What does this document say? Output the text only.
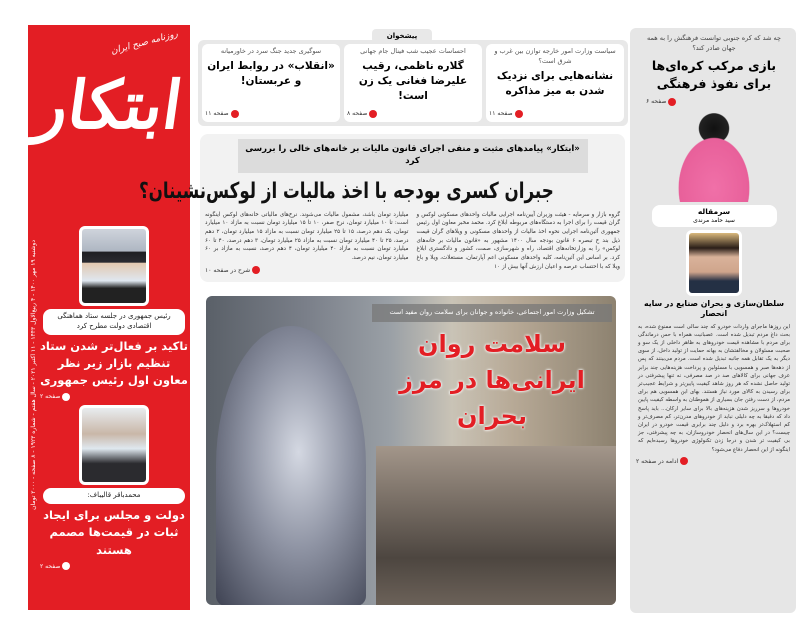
ابتکار
روزنامه صبح ایران
دوشنبه ۱۹ مهر ۱۴۰۰ - ۴ ربیع‌الاول ۱۴۴۳ - ۱۱ اکتبر ۲۰۲۱ - سال هفتم - شماره ۱۹۲۳ - ۸ صفحه - ۲۰۰۰ تومان
رئیس جمهوری در جلسه ستاد هماهنگی اقتصادی دولت مطرح کرد
تاکید بر فعال‌تر شدن ستاد تنظیم بازار زیر نظر معاون اول رئیس جمهوری
صفحه ۲
محمدباقر قالیباف:
دولت و مجلس برای ایجاد ثبات در قیمت‌ها مصمم هستند
صفحه ۲
سیاست وزارت امور خارجه توازن بین غرب و شرق است؟
نشانه‌هایی برای نزدیک شدن به میز مذاکره
صفحه ۱۱
احساسات عجیب شب فینال جام جهانی
گلاره ناظمی، رقیب علیرضا فغانی یک زن است!
صفحه ۸
سوگیری جدید جنگ سرد در خاورمیانه
«انقلاب» در روابط ایران و عربستان!
صفحه ۱۱
پیشخوان
تشکیل وزارت امور اجتماعی، خانواده و جوانان برای سلامت روان مفید است
سلامت روان ایرانی‌ها در مرز بحران
«ابتکار» پیامدهای مثبت و منفی اجرای قانون مالیات بر خانه‌های خالی را بررسی کرد
جبران کسری بودجه با اخذ مالیات از لوکس‌نشینان؟
گروه بازار و سرمایه - هیئت وزیران آیین‌نامه اجرایی مالیات واحدهای مسکونی لوکس و گران قیمت را برای اجرا به دستگاه‌های مربوطه ابلاغ کرد. محمد مخبر معاون اول رئیس جمهوری آئین‌نامه اجرایی نحوه اخذ مالیات از واحدهای مسکونی و ویلاهای گران قیمت ذیل بند خ تبصره ۶ قانون بودجه سال ۱۴۰۰ مشهور به «قانون مالیات بر خانه‌های لوکس» را به وزارتخانه‌های اقتصاد، راه و شهرسازی، صمت، کشور و دادگستری ابلاغ کرد. بر اساس این آئین‌نامه، کلیه واحدهای مسکونی اعم آپارتمان، مستغلات، ویلا و باغ ویلا که با احتساب عرصه و اعیان ارزش آنها بیش از ۱۰
میلیارد تومان باشد، مشمول مالیات می‌شوند. نرخ‌های مالیاتی خانه‌های لوکس اینگونه است: تا ۱۰ میلیارد تومان، نرخ صفر، ۱۰ تا ۱۵ میلیارد تومان نسبت به مازاد ۱۰ میلیارد تومان، یک دهم درصد، ۱۵ تا ۲۵ میلیارد تومان نسبت به مازاد ۱۵ میلیارد تومان، ۲ دهم درصد، ۲۵ تا ۴۰ میلیارد تومان نسبت به مازاد ۲۵ میلیارد تومان، ۳ دهم درصد، ۴۰ تا ۶۰ میلیارد تومان نسبت به مازاد ۴۰ میلیارد تومان، ۴ دهم درصد، نسبت به مازاد بر ۶۰ میلیارد تومان، نیم درصد.
شرح در صفحه ۱۰
چه شد که کره جنوبی توانست فرهنگش را به همه جهان صادر کند؟
بازی مرکب کره‌ای‌ها برای نفوذ فرهنگی
صفحه ۶
سرمقاله
سید حامد مرندی
سلطان‌سازی و بحران صنایع در سایه انحصار
این روزها ماجرای واردات خودرو که چند سالی است ممنوع شده، به بحث داغ مردم تبدیل شده است. عصبانیت همراه با حس درماندگی برای مردم با مشاهده قیمت خودروهای به ظاهر داخلی از یک سو و صحبت مسئولان و مخالفتشان به بهانه حمایت از تولید داخل، از سوی دیگر به یک تقابل همه جانبه تبدیل شده است. مردم می‌بینند که پس از دهه‌ها صبر و همسویی با مسئولین و پرداخت هزینه‌هایی چند برابر عرف جهانی برای کالاهای صد در صد مصرفی، نه تنها پیشرفتی در تولید حاصل نشده که هر روز شاهد کیفیت پایین‌تر و شرایط عجیب‌تر برای رسیدن به کالای مورد نیاز هستند. بهای این همسویی هم برای مردم، از دست رفتن جان بسیاری از هموطنان به واسطه کیفیت پایین خودروها و سرریز شدن هزینه‌های بالا برای سایر ارکان... باید پاسخ داد که دقیقا به چه دلیلی نباید از خودروهای مدرن‌تر، کم مصرف‌تر و کم استهلاک‌تر بهره برد و دلیل چند برابری قیمت خودرو در ایران چیست؟ در این سال‌های انحصار خودروسازان، به چه پیشرفتی، جز بی کیفیت تر شدن و درجا زدن تکنولوژی خودروها رسیده‌ایم که اینگونه از این انحصار دفاع می‌شود؟
ادامه در صفحه ۲
